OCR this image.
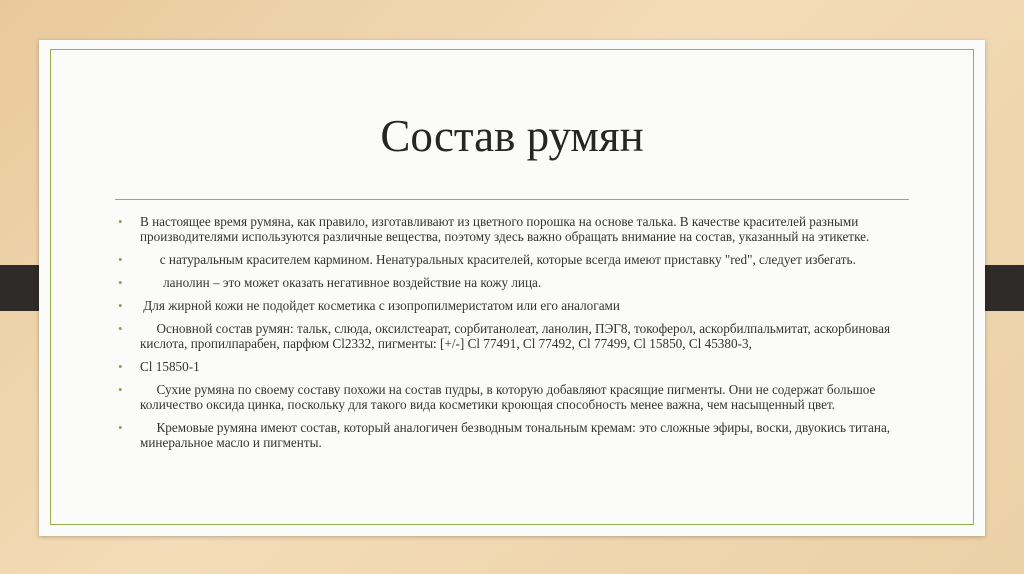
Состав румян
• В настоящее время румяна, как правило, изготавливают из цветного порошка на основе талька. В качестве красителей разными производителями используются различные вещества, поэтому здесь важно обращать внимание на состав, указанный на этикетке.
• с натуральным красителем кармином. Ненатуральных красителей, которые всегда имеют приставку "red", следует избегать.
• ланолин – это может оказать негативное воздействие на кожу лица.
• Для жирной кожи не подойдет косметика с изопропилмеристатом или его аналогами
• Основной состав румян: тальк, слюда, оксилстеарат, сорбитанолеат, ланолин, ПЭГ8, токоферол, аскорбилпальмитат, аскорбиновая кислота, пропилпарабен, парфюм Cl2332, пигменты: [+/-] Cl 77491, Cl 77492, Cl 77499, Cl 15850, Cl 45380-3,
• Cl 15850-1
• Сухие румяна по своему составу похожи на состав пудры, в которую добавляют красящие пигменты. Они не содержат большое количество оксида цинка, поскольку для такого вида косметики кроющая способность менее важна, чем насыщенный цвет.
• Кремовые румяна имеют состав, который аналогичен безводным тональным кремам: это сложные эфиры, воски, двуокись титана, минеральное масло и пигменты.
